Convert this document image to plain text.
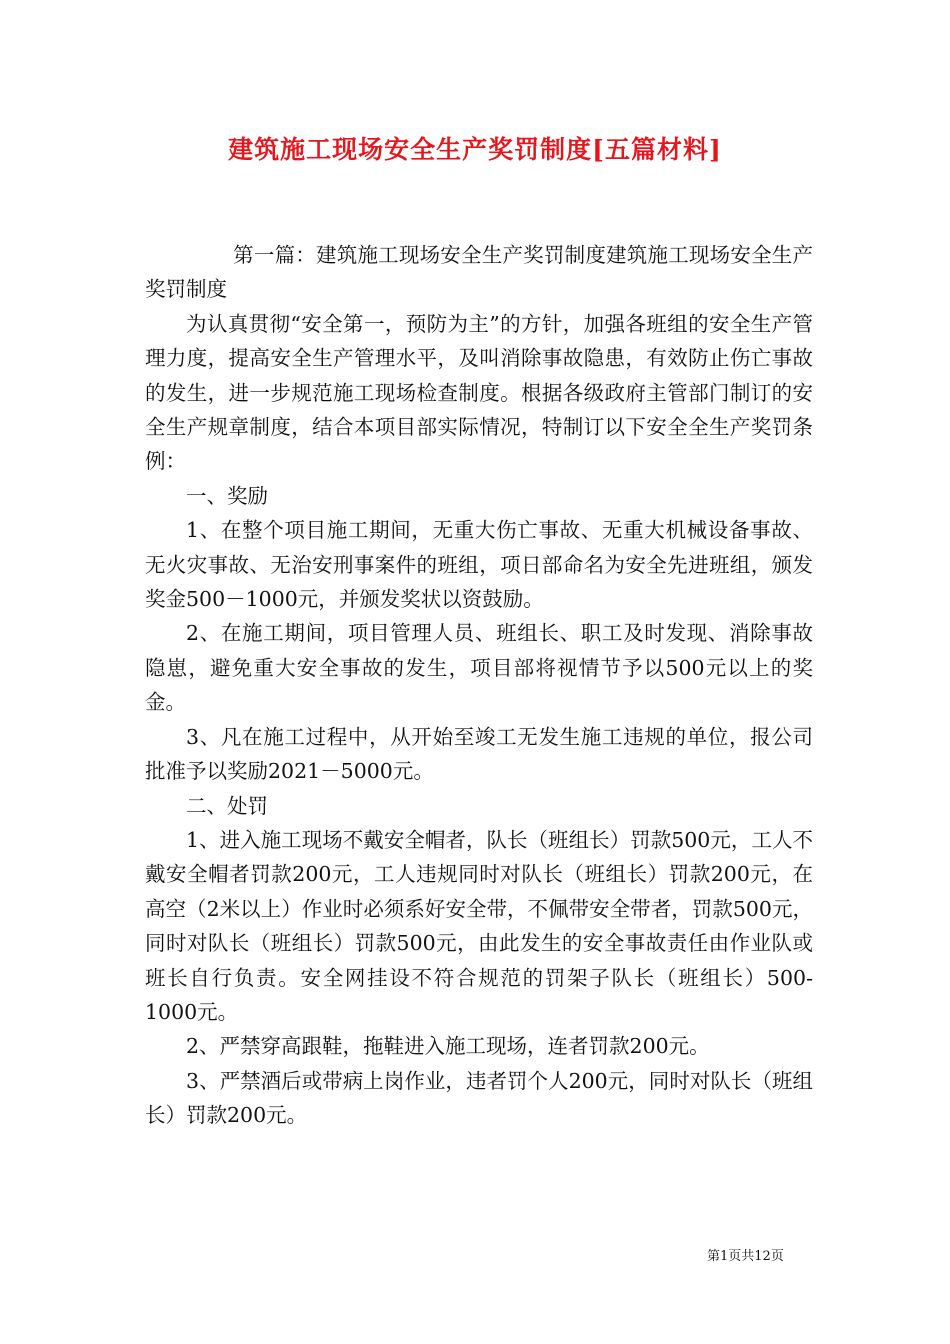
建筑施工现场安全生产奖罚制度[五篇材料]

第一篇：建筑施工现场安全生产奖罚制度建筑施工现场安全生产奖罚制度

为认真贯彻“安全第一，预防为主”的方针，加强各班组的安全生产管理力度，提高安全生产管理水平，及叫消除事故隐患，有效防止伤亡事故的发生，进一步规范施工现场检查制度。根据各级政府主管部门制订的安全生产规章制度，结合本项目部实际情况，特制订以下安全全生产奖罚条例：

一、奖励

1、在整个项目施工期间，无重大伤亡事故、无重大机械设备事故、无火灾事故、无治安刑事案件的班组，项日部命名为安全先进班组，颁发奖金500－1000元，并颁发奖状以资鼓励。

2、在施工期间，项目管理人员、班组长、职工及时发现、消除事故隐崽，避免重大安全事故的发生，项目部将视情节予以500元以上的奖金。

3、凡在施工过程中，从开始至竣工无发生施工违规的单位，报公司批准予以奖励2021－5000元。

二、处罚

1、进入施工现场不戴安全帽者，队长（班组长）罚款500元，工人不戴安全帽者罚款200元，工人违规同时对队长（班组长）罚款200元，在高空（2米以上）作业时必须系好安全带，不佩带安全带者，罚款500元，同时对队长（班组长）罚款500元，由此发生的安全事故责任由作业队或班长自行负责。安全网挂设不符合规范的罚架子队长（班组长）500-1000元。

2、严禁穿高跟鞋，拖鞋进入施工现场，连者罚款200元。

3、严禁酒后或带病上岗作业，违者罚个人200元，同时对队长（班组长）罚款200元。

第1页共12页
